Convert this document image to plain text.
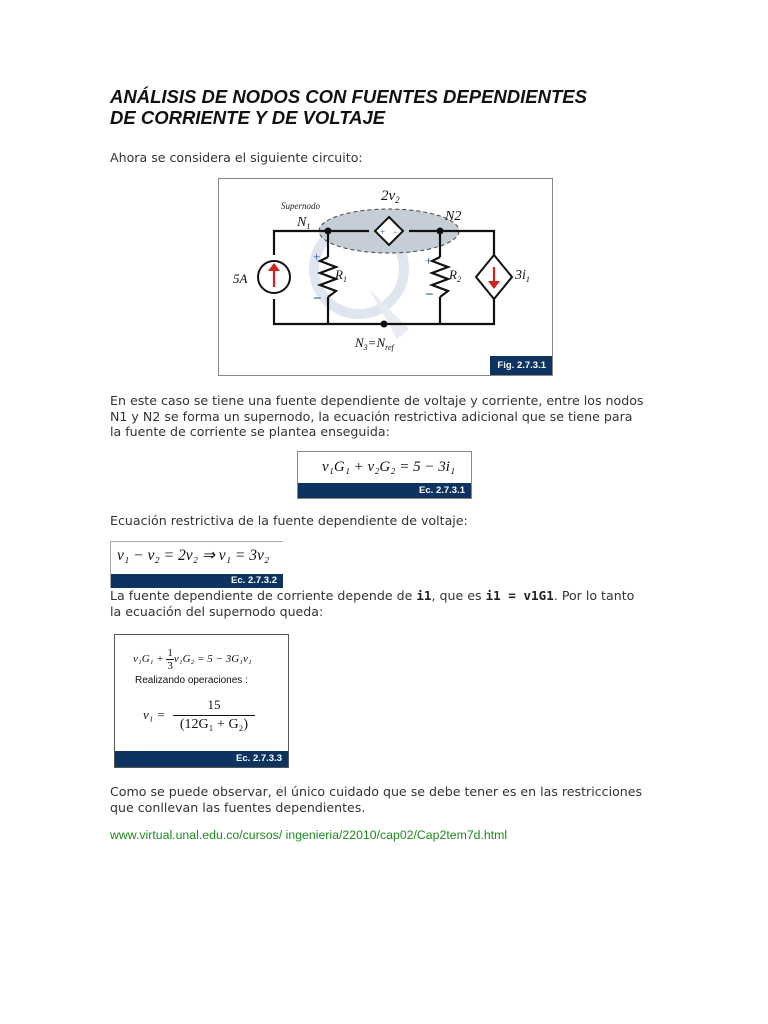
ANÁLISIS DE NODOS CON FUENTES DEPENDIENTES
DE CORRIENTE Y DE VOLTAJE
Ahora se considera el siguiente circuito:
+ −
Supernodo
$2v_2$
$N_1$
N2
$N_3=N_{ref}$
5A	$R_1$	$R_2$	$3i_1$
+
−
+
−
Fig. 2.7.3.1
En este caso se tiene una fuente dependiente de voltaje y corriente, entre los nodos
N1 y N2 se forma un supernodo, la ecuación restrictiva adicional que se tiene para
la fuente de corriente se plantea enseguida:
v₁G₁ + v₂G₂ = 5 − 3i₁
Ec. 2.7.3.1
Ecuación restrictiva de la fuente dependiente de voltaje:
v₁ − v₂ = 2v₂ ⇒ v₁ = 3v₂
Ec. 2.7.3.2
La fuente dependiente de corriente depende de i1, que es i1 = v1G1. Por lo tanto
la ecuación del supernodo queda:
$v_1G_1 + \frac{1}{3} v_1G_2 = 5 - 3G_1v_1$
Realizando operaciones :
$v_1 = \frac{15}{\text{(12G₁ + G₂)}}$
Ec. 2.7.3.3
Como se puede observar, el único cuidado que se debe tener es en las restricciones
que conllevan las fuentes dependientes.
www.virtual.unal.edu.co/cursos/ ingenieria/22010/cap02/Cap2tem7d.html
